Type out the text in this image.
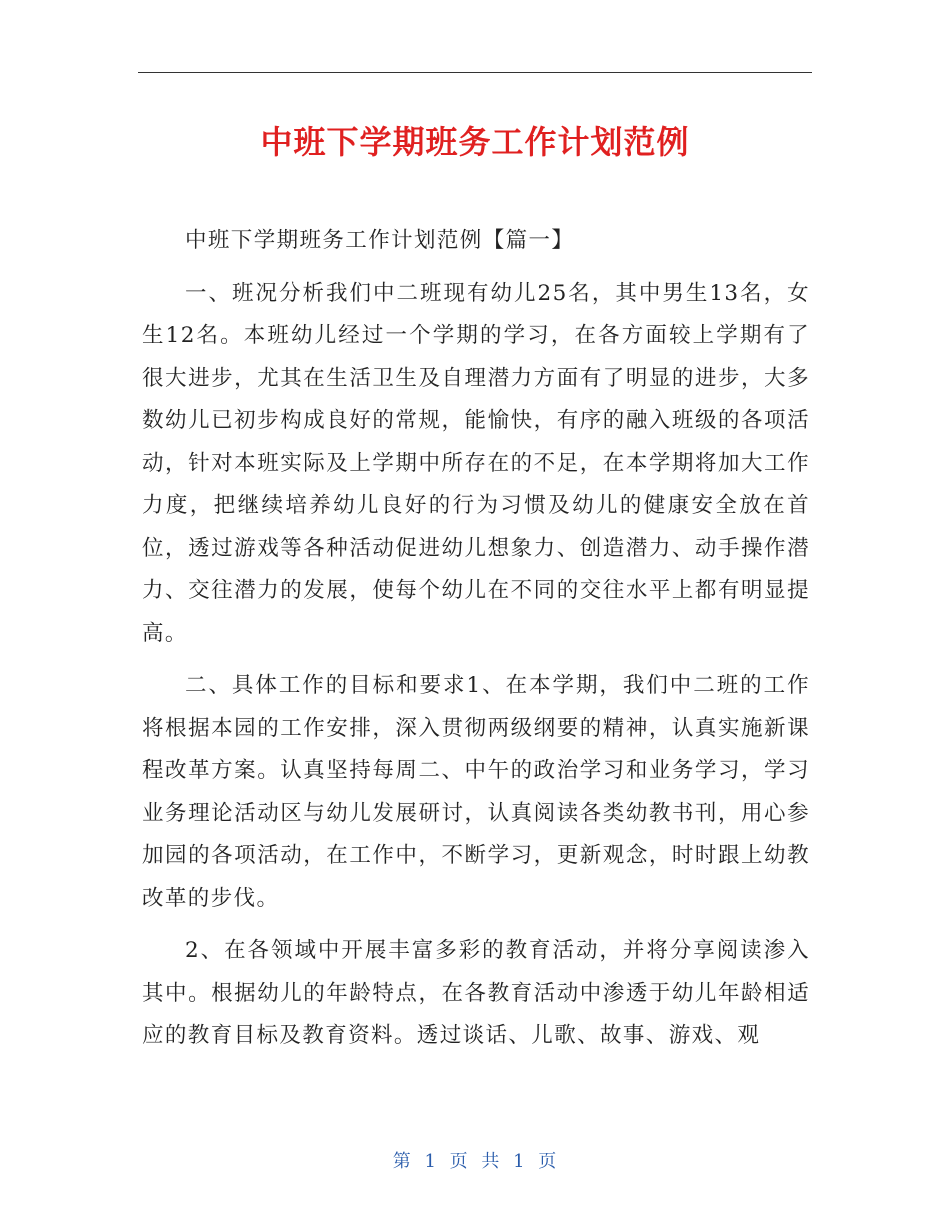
中班下学期班务工作计划范例

中班下学期班务工作计划范例【篇一】

一、班况分析我们中二班现有幼儿25名，其中男生13名，女生12名。本班幼儿经过一个学期的学习，在各方面较上学期有了很大进步，尤其在生活卫生及自理潜力方面有了明显的进步，大多数幼儿已初步构成良好的常规，能愉快，有序的融入班级的各项活动，针对本班实际及上学期中所存在的不足，在本学期将加大工作力度，把继续培养幼儿良好的行为习惯及幼儿的健康安全放在首位，透过游戏等各种活动促进幼儿想象力、创造潜力、动手操作潜力、交往潜力的发展，使每个幼儿在不同的交往水平上都有明显提高。

二、具体工作的目标和要求1、在本学期，我们中二班的工作将根据本园的工作安排，深入贯彻两级纲要的精神，认真实施新课程改革方案。认真坚持每周二、中午的政治学习和业务学习，学习业务理论活动区与幼儿发展研讨，认真阅读各类幼教书刊，用心参加园的各项活动，在工作中，不断学习，更新观念，时时跟上幼教改革的步伐。

2、在各领域中开展丰富多彩的教育活动，并将分享阅读渗入其中。根据幼儿的年龄特点，在各教育活动中渗透于幼儿年龄相适应的教育目标及教育资料。透过谈话、儿歌、故事、游戏、观

第 1 页 共 1 页
